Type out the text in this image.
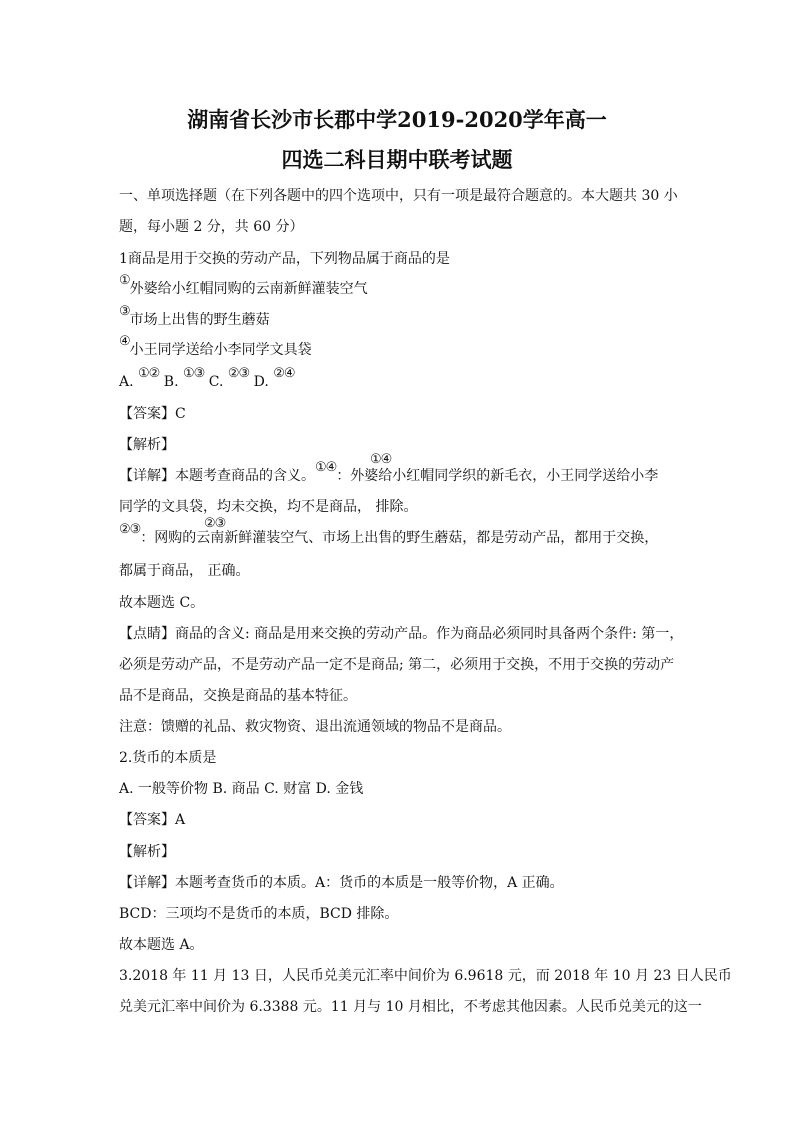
湖南省长沙市长郡中学2019-2020学年高一
四选二科目期中联考试题
一、单项选择题（在下列各题中的四个选项中，只有一项是最符合题意的。本大题共 30 小
题，每小题 2 分，共 60 分）
1商品是用于交换的劳动产品，下列物品属于商品的是
①外婆给小红帽同购的云南新鲜灌装空气
③市场上出售的野生蘑菇
④小王同学送给小李同学文具袋
A. ①② B. ①③ C. ②③ D. ②④
【答案】C
【解析】
【详解】本题考查商品的含义。①④：外婆给小红帽同学织的新毛衣，小王同学送给小李
①④
同学的文具袋，均未交换，均不是商品， 排除。
②③：网购的云南新鲜灌装空气、市场上出售的野生蘑菇，都是劳动产品，都用于交换，
②③
都属于商品， 正确。
故本题选 C。
【点睛】商品的含义: 商品是用来交换的劳动产品。作为商品必须同时具备两个条件: 第一，
必须是劳动产品，不是劳动产品一定不是商品; 第二，必须用于交换，不用于交换的劳动产
品不是商品，交换是商品的基本特征。
注意：馈赠的礼品、救灾物资、退出流通领域的物品不是商品。
2.货币的本质是
A. 一般等价物 B. 商品 C. 财富 D. 金钱
【答案】A
【解析】
【详解】本题考查货币的本质。A：货币的本质是一般等价物，A 正确。
BCD：三项均不是货币的本质，BCD 排除。
故本题选 A。
3.2018 年 11 月 13 日，人民币兑美元汇率中间价为 6.9618 元，而 2018 年 10 月 23 日人民币
兑美元汇率中间价为 6.3388 元。11 月与 10 月相比，不考虑其他因素。人民币兑美元的这一
